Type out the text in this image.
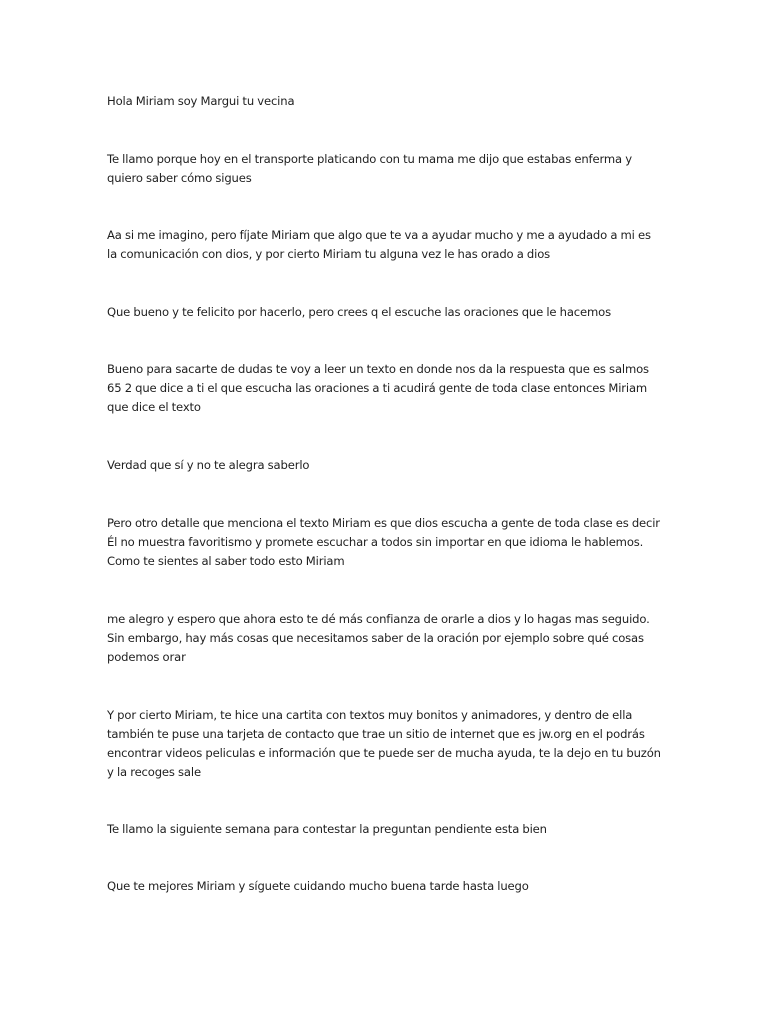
Hola Miriam soy Margui tu vecina

Te llamo porque hoy en el transporte platicando con tu mama me dijo que estabas enferma y quiero saber cómo sigues

Aa si me imagino, pero fíjate Miriam que algo que te va a ayudar mucho y me a ayudado a mi es la comunicación con dios, y por cierto Miriam tu alguna vez le has orado a dios

Que bueno y te felicito por hacerlo, pero crees q el escuche las oraciones que le hacemos

Bueno para sacarte de dudas te voy a leer un texto en donde nos da la respuesta que es salmos 65 2 que dice a ti el que escucha las oraciones a ti acudirá gente de toda clase entonces Miriam que dice el texto

Verdad que sí y no te alegra saberlo

Pero otro detalle que menciona el texto Miriam es que dios escucha a gente de toda clase es decir Él no muestra favoritismo y promete escuchar a todos sin importar en que idioma le hablemos. Como te sientes al saber todo esto Miriam

me alegro y espero que ahora esto te dé más confianza de orarle a dios y lo hagas mas seguido. Sin embargo, hay más cosas que necesitamos saber de la oración por ejemplo sobre qué cosas podemos orar

Y por cierto Miriam, te hice una cartita con textos muy bonitos y animadores, y dentro de ella también te puse una tarjeta de contacto que trae un sitio de internet que es jw.org en el podrás encontrar videos peliculas e información que te puede ser de mucha ayuda, te la dejo en tu buzón y la recoges sale

Te llamo la siguiente semana para contestar la preguntan pendiente esta bien

Que te mejores Miriam y síguete cuidando mucho buena tarde hasta luego
